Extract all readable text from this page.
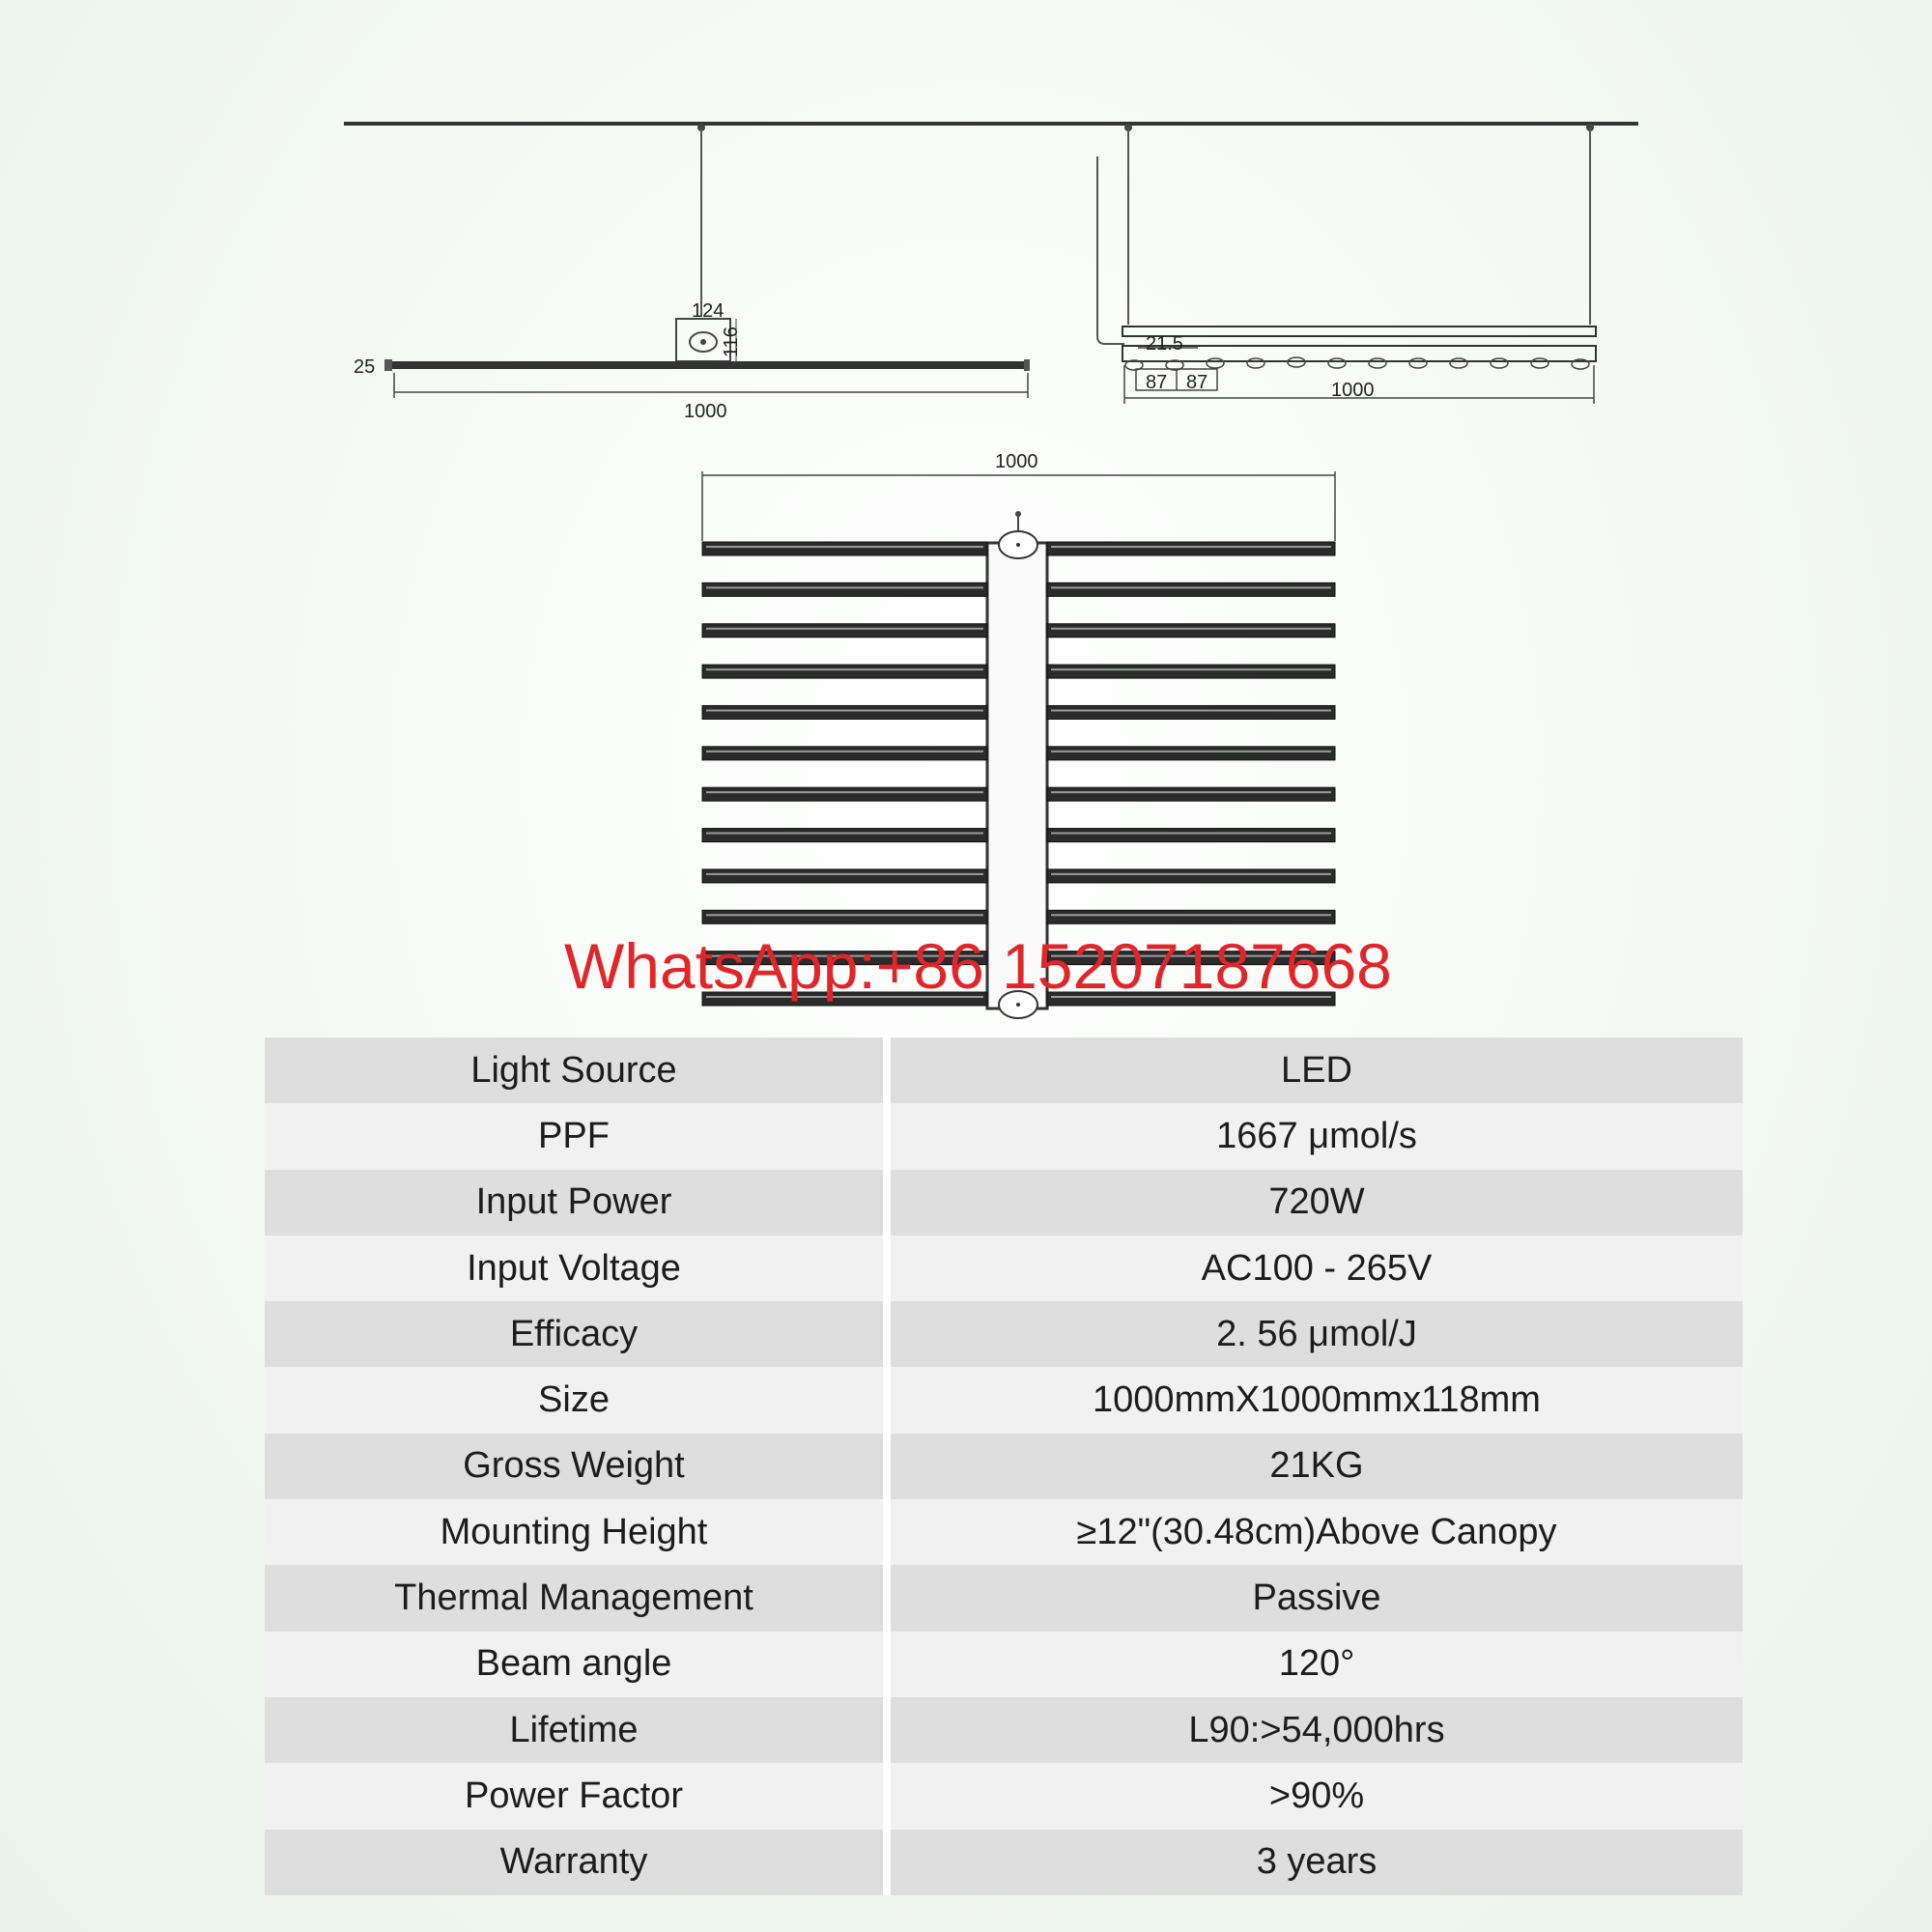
124
116
1000
25
21.5
87 87	1000
1000
WhatsApp:+86 15207187668
Light Source	LED
PPF	1667 μmol/s
Input Power	720W
Input Voltage	AC100 - 265V
Efficacy	2. 56 μmol/J
Size	1000mmX1000mmx118mm
Gross Weight	21KG
Mounting Height	≥12"(30.48cm)Above Canopy
Thermal Management	Passive
Beam angle	120°
Lifetime	L90:>54,000hrs
Power Factor	>90%
Warranty	3 years
